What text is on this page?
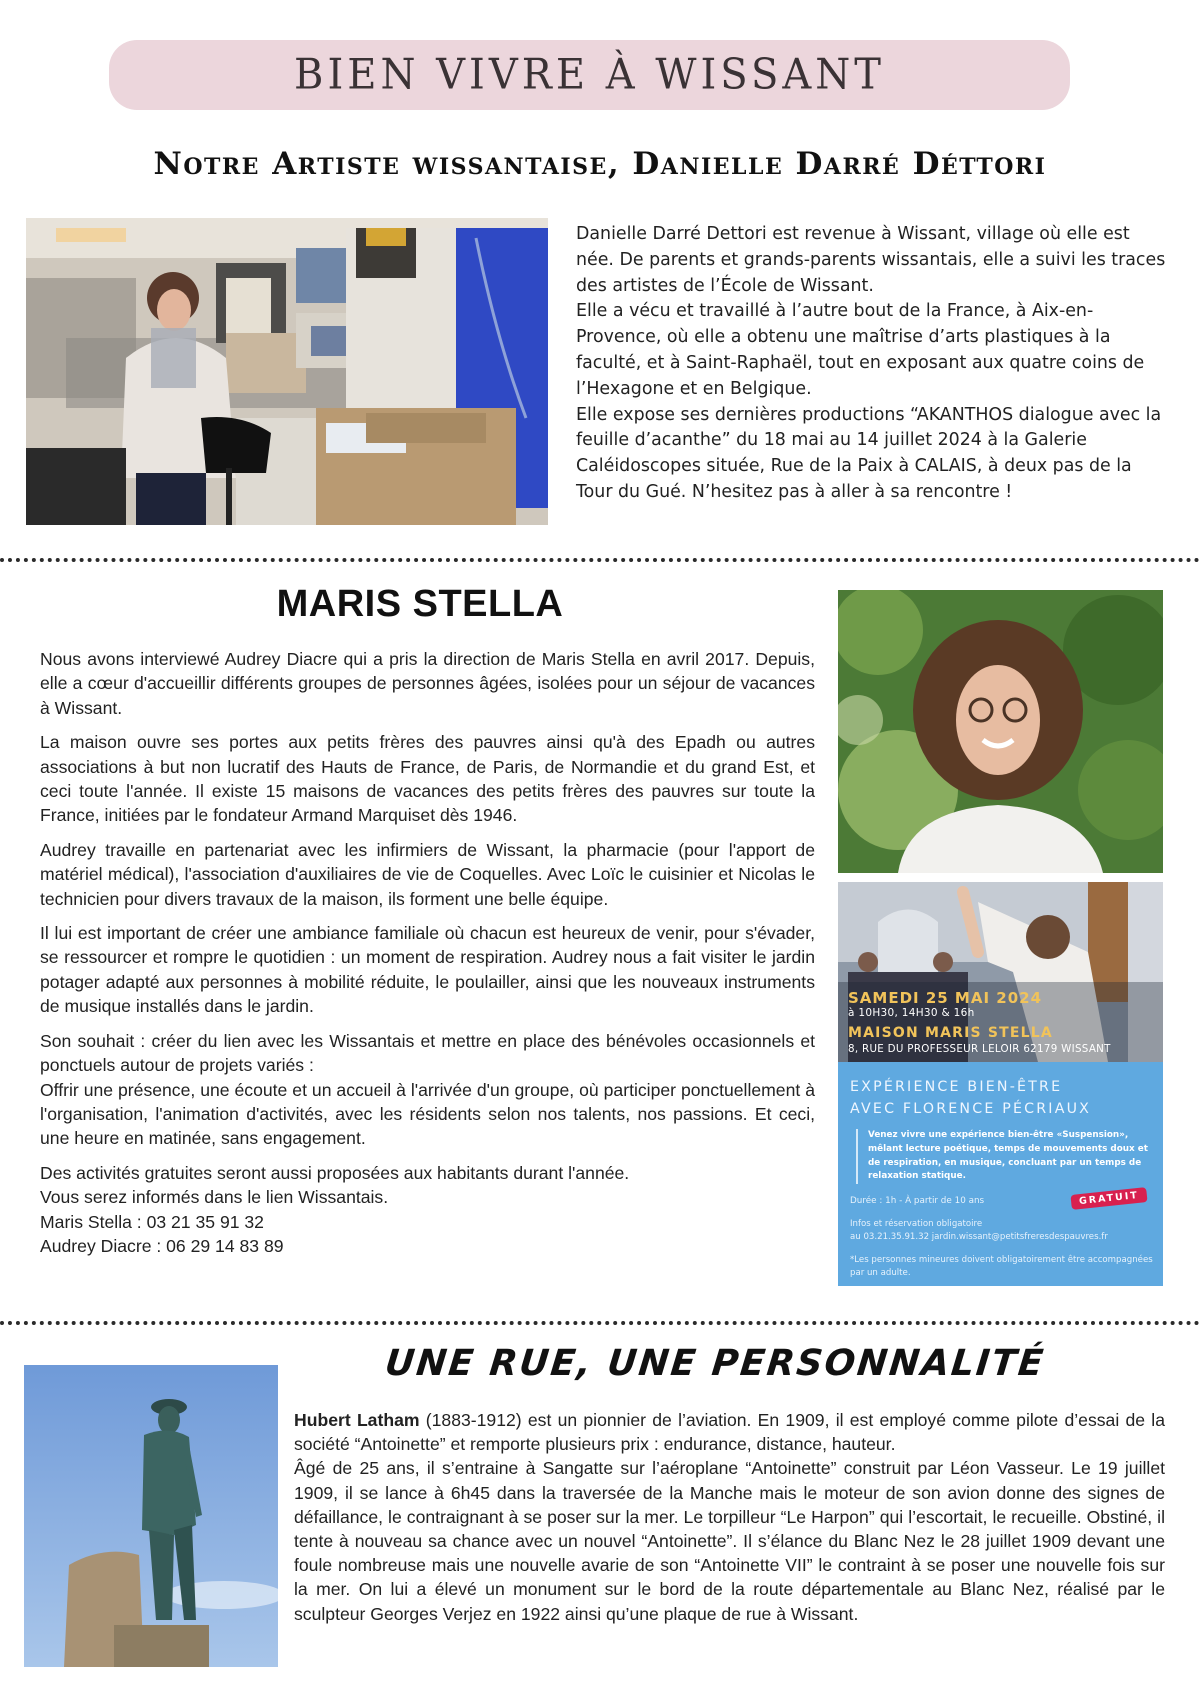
BIEN VIVRE À WISSANT
Notre Artiste wissantaise, Danielle Darré Déttori
Danielle Darré Dettori est revenue à Wissant, village où elle est née. De parents et grands-parents wissantais, elle a suivi les traces des artistes de l’École de Wissant.
Elle a vécu et travaillé à l’autre bout de la France, à Aix-en-Provence, où elle a obtenu une maîtrise d’arts plastiques à la faculté, et à Saint-Raphaël, tout en exposant aux quatre coins de l’Hexagone et en Belgique.
Elle expose ses dernières productions “AKANTHOS dialogue avec la feuille d’acanthe” du 18 mai au 14 juillet 2024 à la Galerie Caléidoscopes située, Rue de la Paix à CALAIS, à deux pas de la Tour du Gué. N’hesitez pas à aller à sa rencontre !
MARIS STELLA

Nous avons interviewé Audrey Diacre qui a pris la direction de Maris Stella en avril 2017. Depuis, elle a cœur d'accueillir différents groupes de personnes âgées, isolées pour un séjour de vacances à Wissant.

La maison ouvre ses portes aux petits frères des pauvres ainsi qu'à des Epadh ou autres associations à but non lucratif des Hauts de France, de Paris, de Normandie et du grand Est, et ceci toute l'année. Il existe 15 maisons de vacances des petits frères des pauvres sur toute la France, initiées par le fondateur Armand Marquiset dès 1946.

Audrey travaille en partenariat avec les infirmiers de Wissant, la pharmacie (pour l'apport de matériel médical), l'association d'auxiliaires de vie de Coquelles. Avec Loïc le cuisinier et Nicolas le technicien pour divers travaux de la maison, ils forment une belle équipe.

Il lui est important de créer une ambiance familiale où chacun est heureux de venir, pour s'évader, se ressourcer et rompre le quotidien : un moment de respiration. Audrey nous a fait visiter le jardin potager adapté aux personnes à mobilité réduite, le poulailler, ainsi que les nouveaux instruments de musique installés dans le jardin.

Son souhait : créer du lien avec les Wissantais et mettre en place des bénévoles occasionnels et ponctuels autour de projets variés :

Offrir une présence, une écoute et un accueil à l'arrivée d'un groupe, où participer ponctuellement à l'organisation, l'animation d'activités, avec les résidents selon nos talents, nos passions. Et ceci, une heure en matinée, sans engagement.

Des activités gratuites seront aussi proposées aux habitants durant l'année.
Vous serez informés dans le lien Wissantais.
Maris Stella : 03 21 35 91 32
Audrey Diacre : 06 29 14 83 89

SAMEDI 25 MAI 2024
à 10H30, 14H30 & 16h
MAISON MARIS STELLA
8, RUE DU PROFESSEUR LELOIR 62179 WISSANT
EXPÉRIENCE BIEN-ÊTRE
AVEC FLORENCE PÉCRIAUX
Venez vivre une expérience bien-être «Suspension», mêlant lecture poétique, temps de mouvements doux et de respiration, en musique, concluant par un temps de relaxation statique.
Durée : 1h - À partir de 10 ans	GRATUIT
Infos et réservation obligatoire
au 03.21.35.91.32 jardin.wissant@petitsfreresdespauvres.fr
*Les personnes mineures doivent obligatoirement être accompagnées par un adulte.
UNE RUE, UNE PERSONNALITÉ
Hubert Latham (1883-1912) est un pionnier de l’aviation. En 1909, il est employé comme pilote d’essai de la société “Antoinette” et remporte plusieurs prix : endurance, distance, hauteur.
Âgé de 25 ans, il s’entraine à Sangatte sur l’aéroplane “Antoinette” construit par Léon Vasseur. Le 19 juillet 1909, il se lance à 6h45 dans la traversée de la Manche mais le moteur de son avion donne des signes de défaillance, le contraignant à se poser sur la mer. Le torpilleur “Le Harpon” qui l’escortait, le recueille. Obstiné, il tente à nouveau sa chance avec un nouvel “Antoinette”. Il s’élance du Blanc Nez le 28 juillet 1909 devant une foule nombreuse mais une nouvelle avarie de son “Antoinette VII” le contraint à se poser une nouvelle fois sur la mer. On lui a élevé un monument sur le bord de la route départementale au Blanc Nez, réalisé par le sculpteur Georges Verjez en 1922 ainsi qu’une plaque de rue à Wissant.
